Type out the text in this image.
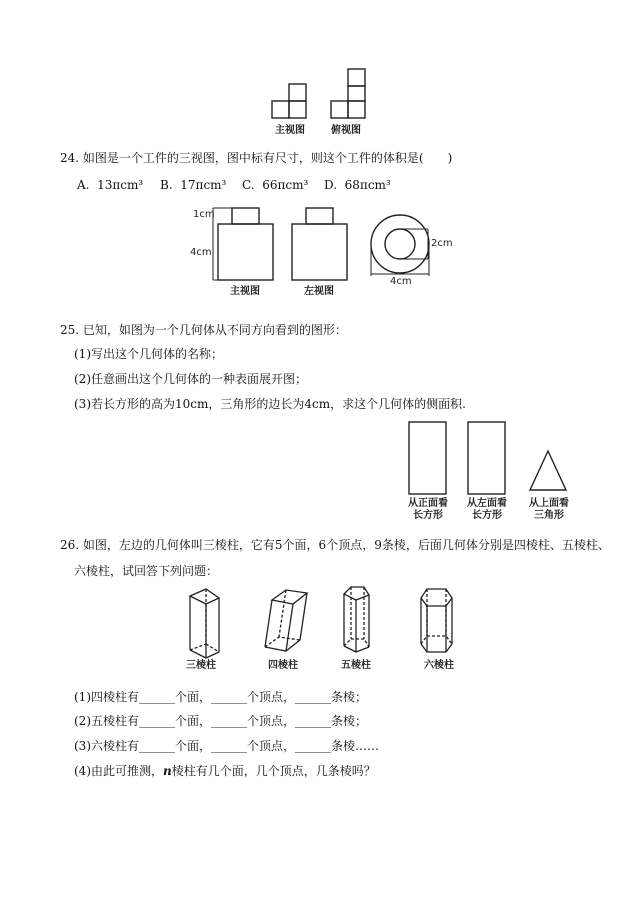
主视图	俯视图
24. 如图是一个工件的三视图，图中标有尺寸，则这个工件的体积是(　　)
A. 13πcm³ B. 17πcm³ C. 66πcm³ D. 68πcm³
1cm
4cm
2cm
4cm
主视图	左视图
25. 已知，如图为一个几何体从不同方向看到的图形：
(1)写出这个几何体的名称；
(2)任意画出这个几何体的一种表面展开图；
(3)若长方形的高为10cm，三角形的边长为4cm，求这个几何体的侧面积.
从正面看
长方形
从左面看
长方形
从上面看
三角形
26. 如图，左边的几何体叫三棱柱，它有5个面，6个顶点，9条棱，后面几何体分别是四棱柱、五棱柱、
六棱柱，试回答下列问题：
三棱柱	四棱柱	五棱柱	六棱柱
(1)四棱柱有______个面，______个顶点，______条棱；
(2)五棱柱有______个面，______个顶点，______条棱；
(3)六棱柱有______个面，______个顶点，______条棱……
(4)由此可推测，n棱柱有几个面，几个顶点，几条棱吗？
